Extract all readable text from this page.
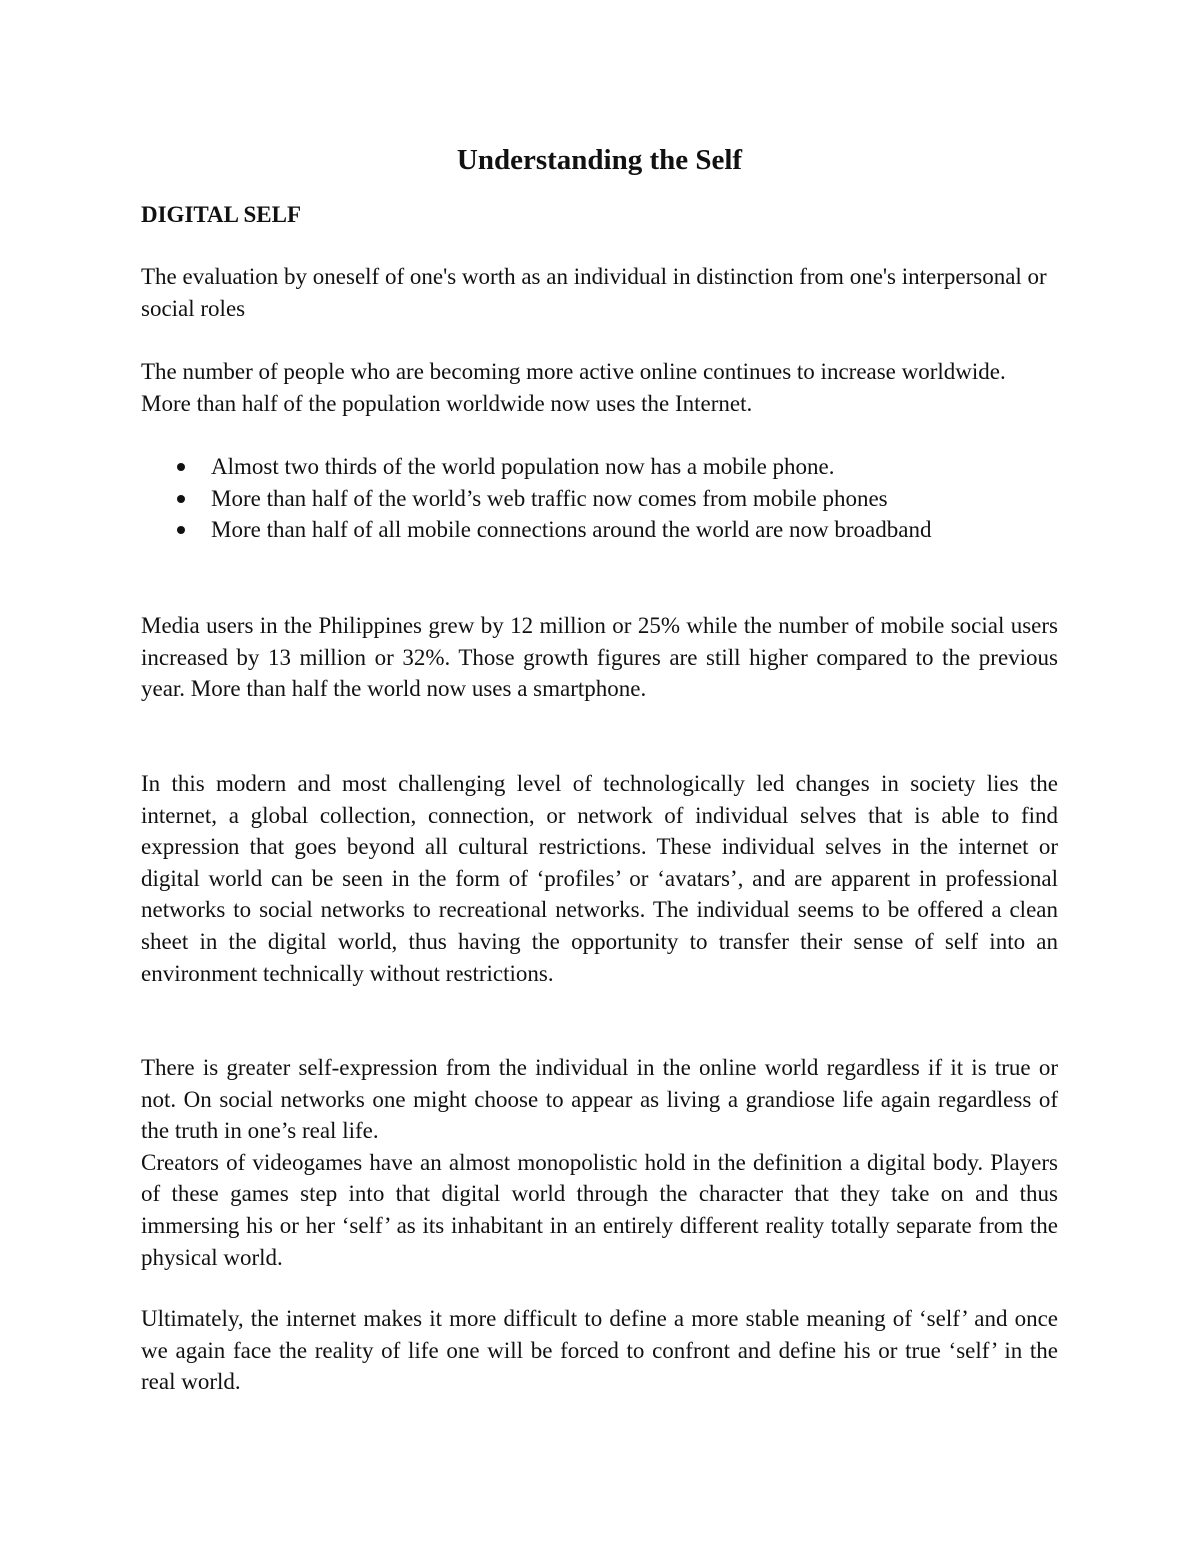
Understanding the Self

DIGITAL SELF

The evaluation by oneself of one's worth as an individual in distinction from one's interpersonal or social roles

The number of people who are becoming more active online continues to increase worldwide. More than half of the population worldwide now uses the Internet.

Almost two thirds of the world population now has a mobile phone.
More than half of the world’s web traffic now comes from mobile phones
More than half of all mobile connections around the world are now broadband

Media users in the Philippines grew by 12 million or 25% while the number of mobile social users increased by 13 million or 32%. Those growth figures are still higher compared to the previous year. More than half the world now uses a smartphone.

In this modern and most challenging level of technologically led changes in society lies the internet, a global collection, connection, or network of individual selves that is able to find expression that goes beyond all cultural restrictions. These individual selves in the internet or digital world can be seen in the form of ‘profiles’ or ‘avatars’, and are apparent in professional networks to social networks to recreational networks. The individual seems to be offered a clean sheet in the digital world, thus having the opportunity to transfer their sense of self into an environment technically without restrictions.

There is greater self-expression from the individual in the online world regardless if it is true or not. On social networks one might choose to appear as living a grandiose life again regardless of the truth in one’s real life.

Creators of videogames have an almost monopolistic hold in the definition a digital body. Players of these games step into that digital world through the character that they take on and thus immersing his or her ‘self’ as its inhabitant in an entirely different reality totally separate from the physical world.

Ultimately, the internet makes it more difficult to define a more stable meaning of ‘self’ and once we again face the reality of life one will be forced to confront and define his or true ‘self’ in the real world.
